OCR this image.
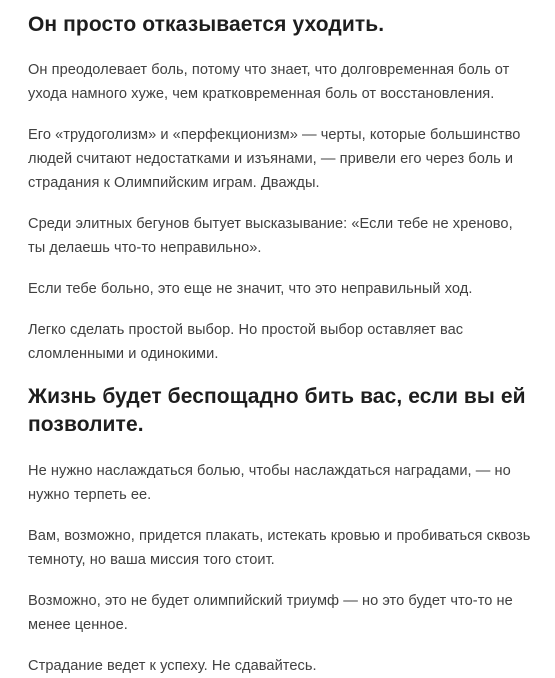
Он просто отказывается уходить.

Он преодолевает боль, потому что знает, что долговременная боль от ухода намного хуже, чем кратковременная боль от восстановления.

Его «трудоголизм» и «перфекционизм» — черты, которые большинство людей считают недостатками и изъянами, — привели его через боль и страдания к Олимпийским играм. Дважды.

Среди элитных бегунов бытует высказывание: «Если тебе не хреново, ты делаешь что-то неправильно».

Если тебе больно, это еще не значит, что это неправильный ход.

Легко сделать простой выбор. Но простой выбор оставляет вас сломленными и одинокими.

Жизнь будет беспощадно бить вас, если вы ей позволите.

Не нужно наслаждаться болью, чтобы наслаждаться наградами, — но нужно терпеть ее.

Вам, возможно, придется плакать, истекать кровью и пробиваться сквозь темноту, но ваша миссия того стоит.

Возможно, это не будет олимпийский триумф — но это будет что-то не менее ценное.

Страдание ведет к успеху. Не сдавайтесь.
